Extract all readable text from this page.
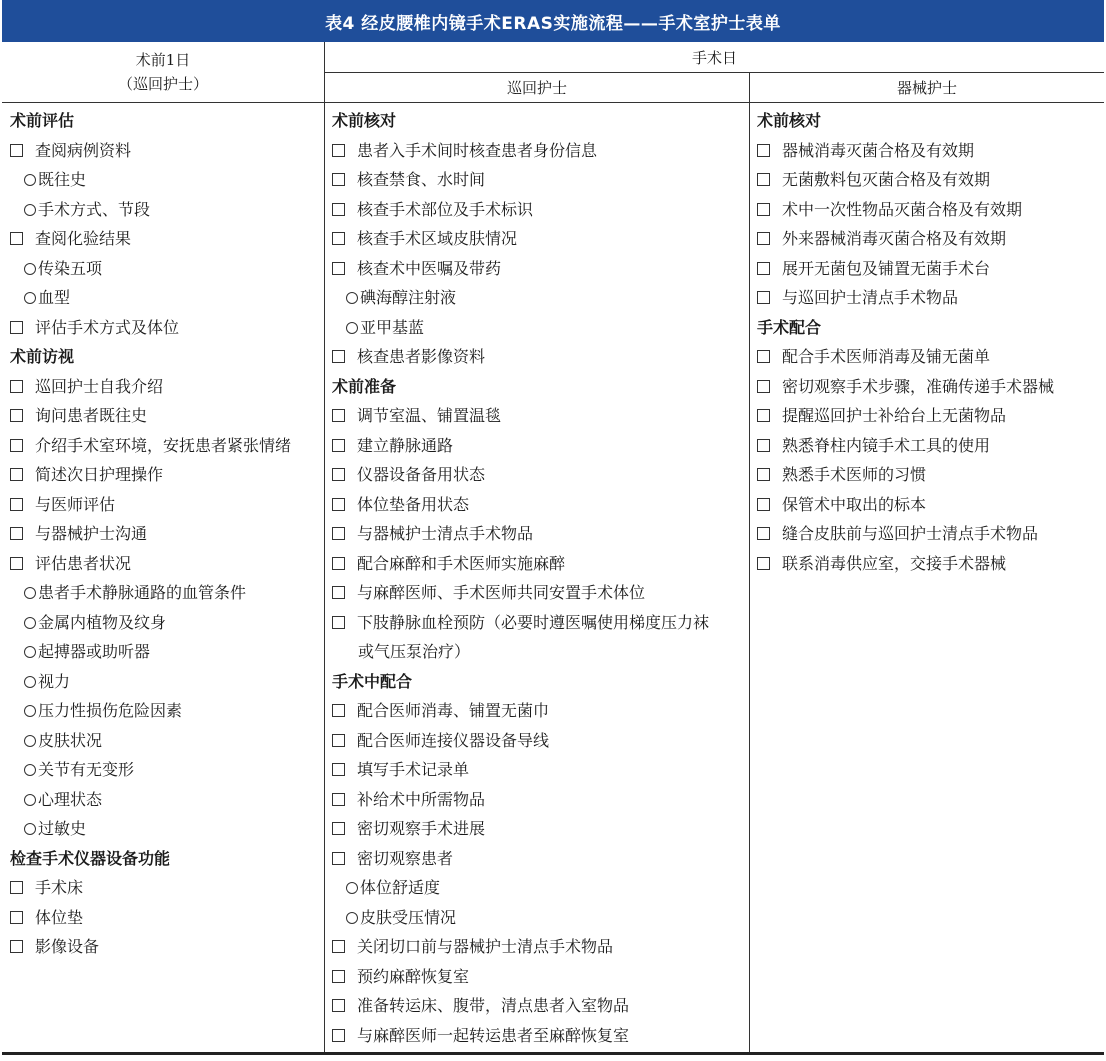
表4 经皮腰椎内镜手术ERAS实施流程——手术室护士表单
术前1日
（巡回护士）
手术日
巡回护士	器械护士
术前评估
查阅病例资料
既往史
手术方式、节段
查阅化验结果
传染五项
血型
评估手术方式及体位
术前访视
巡回护士自我介绍
询问患者既往史
介绍手术室环境，安抚患者紧张情绪
简述次日护理操作
与医师评估
与器械护士沟通
评估患者状况
患者手术静脉通路的血管条件
金属内植物及纹身
起搏器或助听器
视力
压力性损伤危险因素
皮肤状况
关节有无变形
心理状态
过敏史
检查手术仪器设备功能
手术床
体位垫
影像设备
术前核对
患者入手术间时核查患者身份信息
核查禁食、水时间
核查手术部位及手术标识
核查手术区域皮肤情况
核查术中医嘱及带药
碘海醇注射液
亚甲基蓝
核查患者影像资料
术前准备
调节室温、铺置温毯
建立静脉通路
仪器设备备用状态
体位垫备用状态
与器械护士清点手术物品
配合麻醉和手术医师实施麻醉
与麻醉医师、手术医师共同安置手术体位
下肢静脉血栓预防（必要时遵医嘱使用梯度压力袜
或气压泵治疗）
手术中配合
配合医师消毒、铺置无菌巾
配合医师连接仪器设备导线
填写手术记录单
补给术中所需物品
密切观察手术进展
密切观察患者
体位舒适度
皮肤受压情况
关闭切口前与器械护士清点手术物品
预约麻醉恢复室
准备转运床、腹带，清点患者入室物品
与麻醉医师一起转运患者至麻醉恢复室
术前核对
器械消毒灭菌合格及有效期
无菌敷料包灭菌合格及有效期
术中一次性物品灭菌合格及有效期
外来器械消毒灭菌合格及有效期
展开无菌包及铺置无菌手术台
与巡回护士清点手术物品
手术配合
配合手术医师消毒及铺无菌单
密切观察手术步骤，准确传递手术器械
提醒巡回护士补给台上无菌物品
熟悉脊柱内镜手术工具的使用
熟悉手术医师的习惯
保管术中取出的标本
缝合皮肤前与巡回护士清点手术物品
联系消毒供应室，交接手术器械
